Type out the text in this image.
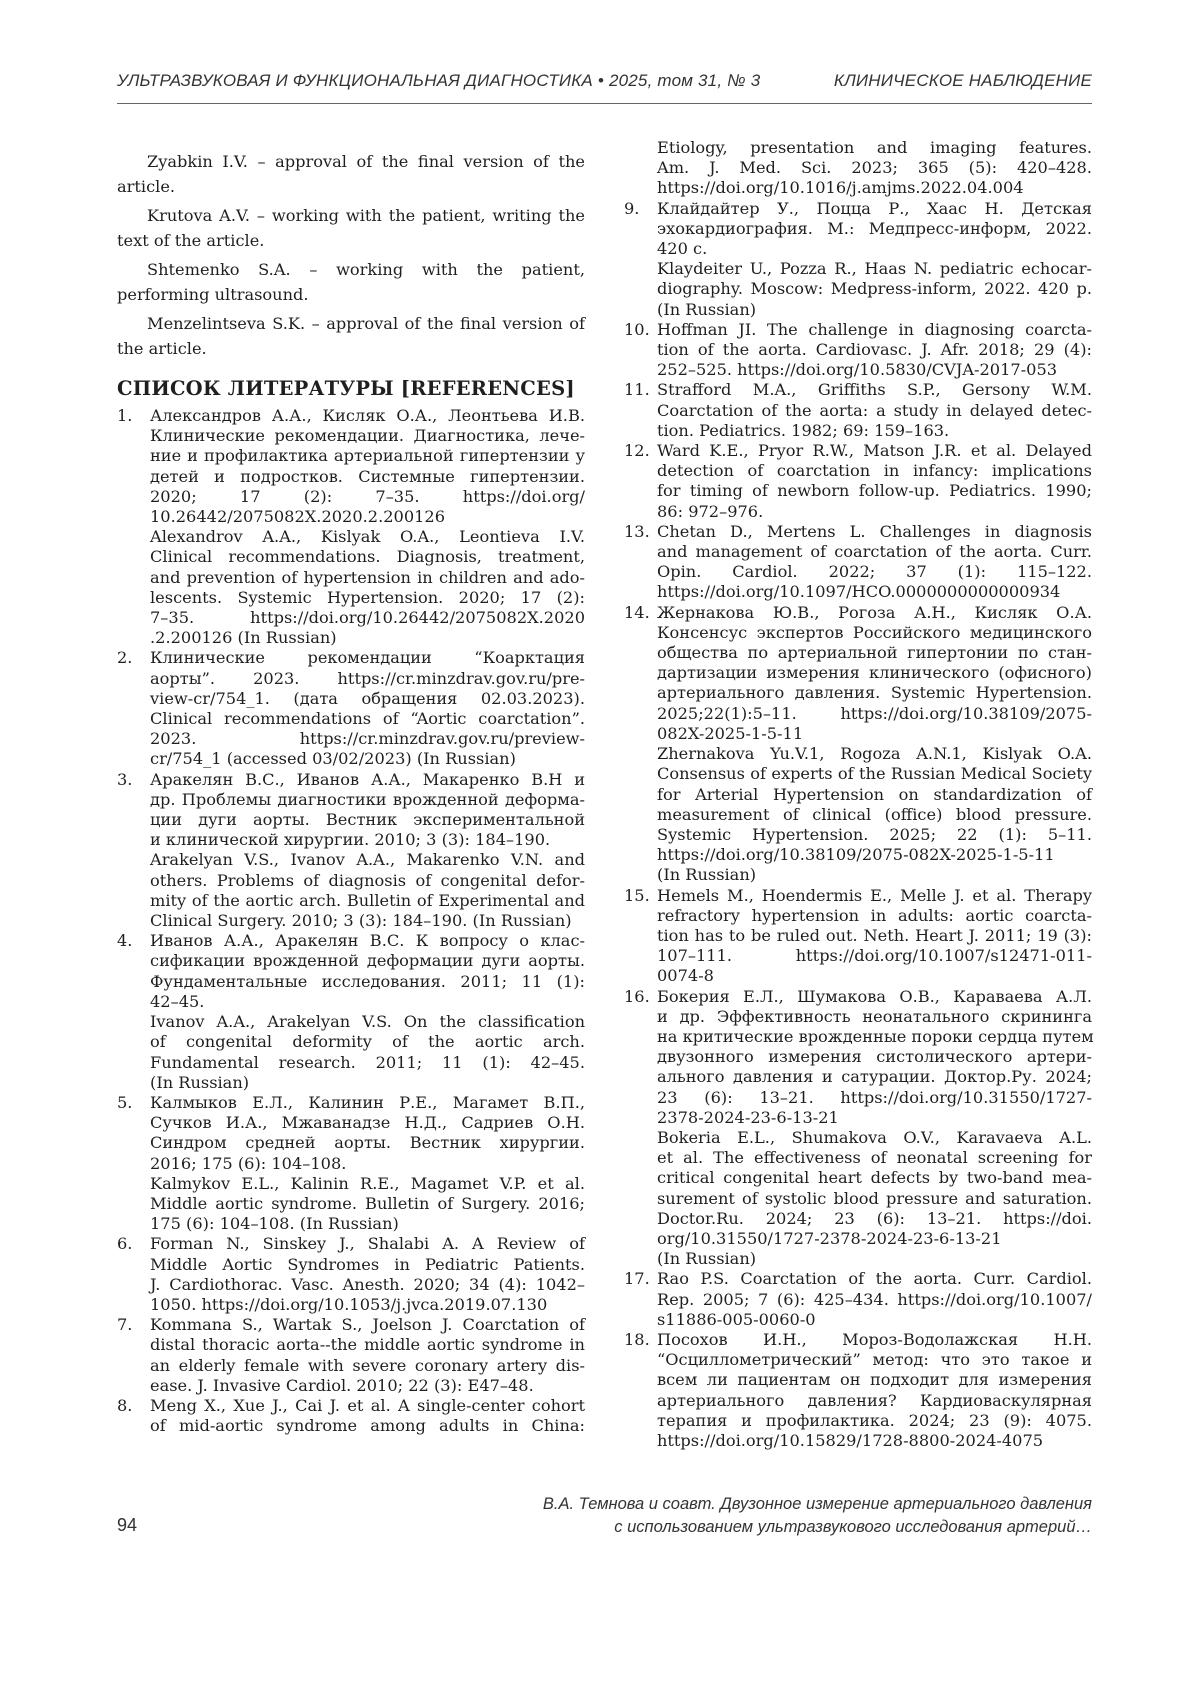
УЛЬТРАЗВУКОВАЯ И ФУНКЦИОНАЛЬНАЯ ДИАГНОСТИКА • 2025, том 31, № 3	КЛИНИЧЕСКОЕ НАБЛЮДЕНИЕ

Zyabkin I.V. – approval of the final version of the article.

Krutova A.V. – working with the patient, writing the text of the article.

Shtemenko S.A. – working with the patient, performing ultrasound.

Menzelintseva S.K. – approval of the final version of the article.

СПИСОК ЛИТЕРАТУРЫ [REFERENCES]
1. Александров А.А., Кисляк О.А., Леонтьева И.В.
Клинические рекомендации. Диагностика, лече-
ние и профилактика артериальной гипертензии у
детей и подростков. Системные гипертензии.
2020; 17 (2): 7–35. https://doi.org/
10.26442/2075082X.2020.2.200126
Alexandrov A.A., Kislyak O.A., Leontieva I.V.
Clinical recommendations. Diagnosis, treatment,
and prevention of hypertension in children and ado-
lescents. Systemic Hypertension. 2020; 17 (2):
7–35. https://doi.org/10.26442/2075082X.2020
.2.200126 (In Russian)
2. Клинические рекомендации “Коарктация
аорты”. 2023. https://cr.minzdrav.gov.ru/pre-
view-cr/754_1. (дата обращения 02.03.2023).
Clinical recommendations of “Aortic coarctation”.
2023. https://cr.minzdrav.gov.ru/preview-
cr/754_1 (accessed 03/02/2023) (In Russian)
3. Аракелян В.С., Иванов А.А., Макаренко В.Н и
др. Проблемы диагностики врожденной деформа-
ции дуги аорты. Вестник экспериментальной
и клинической хирургии. 2010; 3 (3): 184–190.
Arakelyan V.S., Ivanov A.A., Makarenko V.N. and
others. Problems of diagnosis of congenital defor-
mity of the aortic arch. Bulletin of Experimental and
Clinical Surgery. 2010; 3 (3): 184–190. (In Russian)
4. Иванов А.А., Аракелян В.С. К вопросу о клас-
сификации врожденной деформации дуги аорты.
Фундаментальные исследования. 2011; 11 (1):
42–45.
Ivanov A.A., Arakelyan V.S. On the classification
of congenital deformity of the aortic arch.
Fundamental research. 2011; 11 (1): 42–45.
(In Russian)
5. Калмыков Е.Л., Калинин Р.Е., Магамет В.П.,
Сучков И.А., Мжаванадзе Н.Д., Садриев О.Н.
Синдром средней аорты. Вестник хирургии.
2016; 175 (6): 104–108.
Kalmykov E.L., Kalinin R.E., Magamet V.P. et al.
Middle aortic syndrome. Bulletin of Surgery. 2016;
175 (6): 104–108. (In Russian)
6. Forman N., Sinskey J., Shalabi A. A Review of
Middle Aortic Syndromes in Pediatric Patients.
J. Cardiothorac. Vasc. Anesth. 2020; 34 (4): 1042–
1050. https://doi.org/10.1053/j.jvca.2019.07.130
7. Kommana S., Wartak S., Joelson J. Coarctation of
distal thoracic aorta--the middle aortic syndrome in
an elderly female with severe coronary artery dis-
ease. J. Invasive Cardiol. 2010; 22 (3): E47–48.
8. Meng X., Xue J., Cai J. et al. A single-center cohort
of mid-aortic syndrome among adults in China:
Etiology, presentation and imaging features.
Am. J. Med. Sci. 2023; 365 (5): 420–428.
https://doi.org/10.1016/j.amjms.2022.04.004
9. Клайдайтер У., Поцца Р., Хаас Н. Детская
эхокардиография. М.: Медпресс-информ, 2022.
420 с.
Klaydeiter U., Pozza R., Haas N. pediatric echocar-
diography. Moscow: Medpress-inform, 2022. 420 p.
(In Russian)
10. Hoffman JI. The challenge in diagnosing coarcta-
tion of the aorta. Cardiovasc. J. Afr. 2018; 29 (4):
252–525. https://doi.org/10.5830/CVJA-2017-053
11. Strafford M.A., Griffiths S.P., Gersony W.M.
Coarctation of the aorta: a study in delayed detec-
tion. Pediatrics. 1982; 69: 159–163.
12. Ward K.E., Pryor R.W., Matson J.R. et al. Delayed
detection of coarctation in infancy: implications
for timing of newborn follow-up. Pediatrics. 1990;
86: 972–976.
13. Chetan D., Mertens L. Challenges in diagnosis
and management of coarctation of the aorta. Curr.
Opin. Cardiol. 2022; 37 (1): 115–122.
https://doi.org/10.1097/HCO.0000000000000934
14. Жернакова Ю.В., Рогоза А.Н., Кисляк О.А.
Консенсус экспертов Российского медицинского
общества по артериальной гипертонии по стан-
дартизации измерения клинического (офисного)
артериального давления. Systemic Hypertension.
2025;22(1):5–11. https://doi.org/10.38109/2075-
082X-2025-1-5-11
Zhernakova Yu.V.1, Rogoza A.N.1, Kislyak O.A.
Consensus of experts of the Russian Medical Society
for Arterial Hypertension on standardization of
measurement of clinical (office) blood pressure.
Systemic Hypertension. 2025; 22 (1): 5–11.
https://doi.org/10.38109/2075-082X-2025-1-5-11
(In Russian)
15. Hemels M., Hoendermis E., Melle J. et al. Therapy
refractory hypertension in adults: aortic coarcta-
tion has to be ruled out. Neth. Heart J. 2011; 19 (3):
107–111. https://doi.org/10.1007/s12471-011-
0074-8
16. Бокерия Е.Л., Шумакова О.В., Караваева А.Л.
и др. Эффективность неонатального скрининга
на критические врожденные пороки сердца путем
двузонного измерения систолического артери-
ального давления и сатурации. Доктор.Ру. 2024;
23 (6): 13–21. https://doi.org/10.31550/1727-
2378-2024-23-6-13-21
Bokeria E.L., Shumakova O.V., Karavaeva A.L.
et al. The effectiveness of neonatal screening for
critical congenital heart defects by two-band mea-
surement of systolic blood pressure and saturation.
Doctor.Ru. 2024; 23 (6): 13–21. https://doi.
org/10.31550/1727-2378-2024-23-6-13-21
(In Russian)
17. Rao P.S. Coarctation of the aorta. Curr. Cardiol.
Rep. 2005; 7 (6): 425–434. https://doi.org/10.1007/
s11886-005-0060-0
18. Посохов И.Н., Мороз-Водолажская Н.Н.
“Осциллометрический” метод: что это такое и
всем ли пациентам он подходит для измерения
артериального давления? Кардиоваскулярная
терапия и профилактика. 2024; 23 (9): 4075.
https://doi.org/10.15829/1728-8800-2024-4075
94
В.А. Темнова и соавт. Двузонное измерение артериального давления
с использованием ультразвукового исследования артерий…
